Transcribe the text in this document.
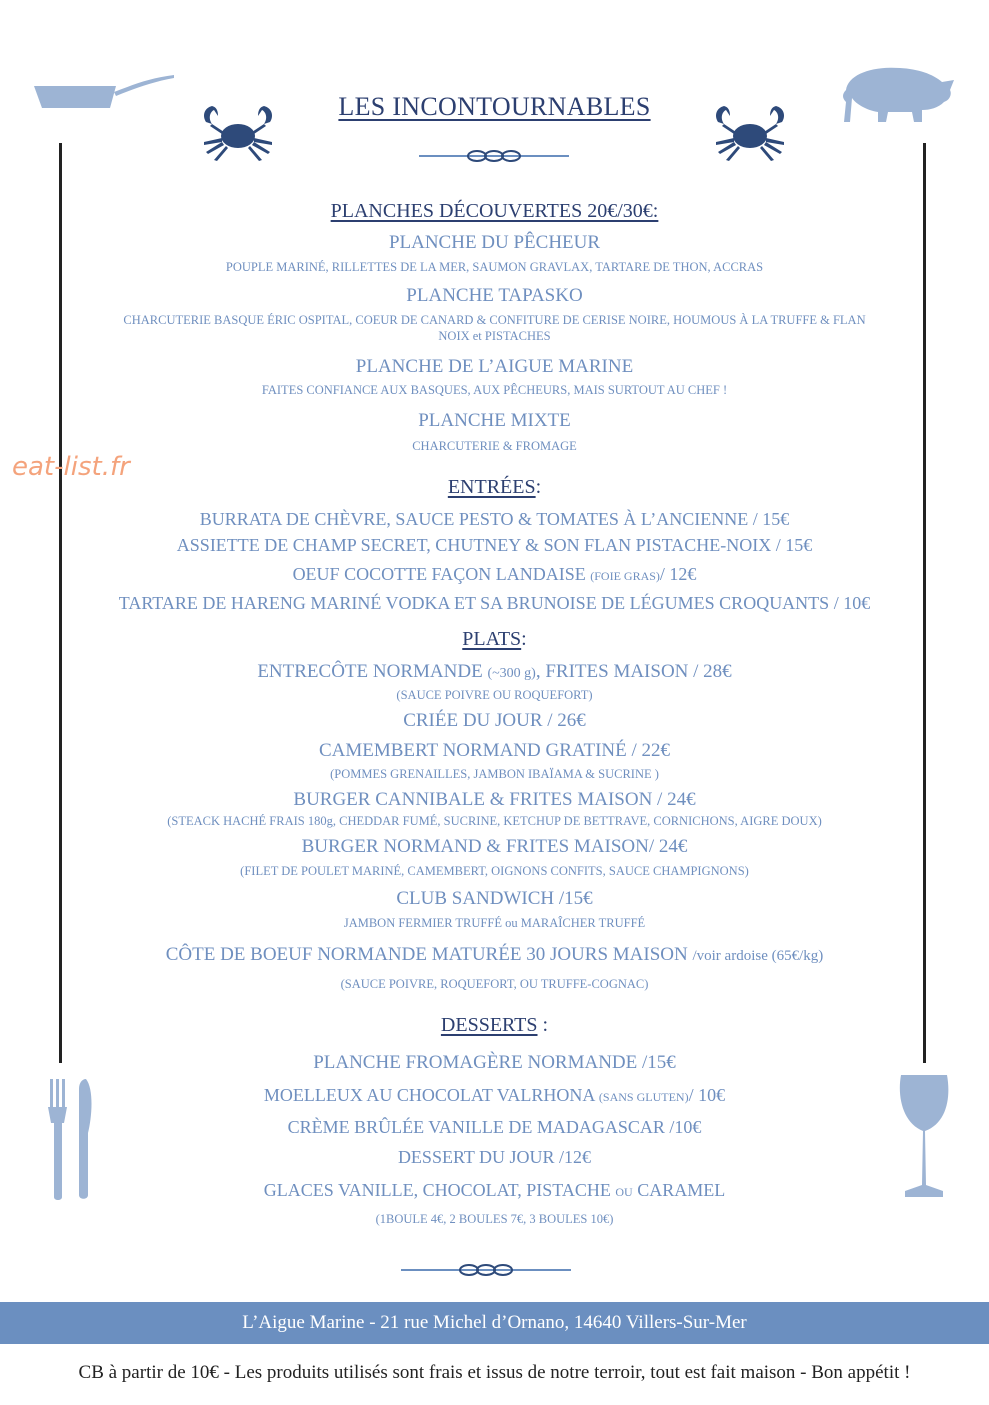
eat-list.fr
LES INCONTOURNABLES
PLANCHES DÉCOUVERTES 20€/30€:
PLANCHE DU PÊCHEUR
POUPLE MARINÉ, RILLETTES DE LA MER, SAUMON GRAVLAX, TARTARE DE THON, ACCRAS
PLANCHE TAPASKO
CHARCUTERIE BASQUE ÉRIC OSPITAL, COEUR DE CANARD & CONFITURE DE CERISE NOIRE, HOUMOUS À LA TRUFFE & FLAN
NOIX et PISTACHES
PLANCHE DE L’AIGUE MARINE
FAITES CONFIANCE AUX BASQUES, AUX PÊCHEURS, MAIS SURTOUT AU CHEF !
PLANCHE MIXTE
CHARCUTERIE & FROMAGE
ENTRÉES:
BURRATA DE CHÈVRE, SAUCE PESTO & TOMATES À L’ANCIENNE / 15€
ASSIETTE DE CHAMP SECRET, CHUTNEY & SON FLAN PISTACHE-NOIX / 15€
OEUF COCOTTE FAÇON LANDAISE (FOIE GRAS)/ 12€
TARTARE DE HARENG MARINÉ VODKA ET SA BRUNOISE DE LÉGUMES CROQUANTS / 10€
PLATS:
ENTRECÔTE NORMANDE (~300 g), FRITES MAISON / 28€
(SAUCE POIVRE OU ROQUEFORT)
CRIÉE DU JOUR / 26€
CAMEMBERT NORMAND GRATINÉ / 22€
(POMMES GRENAILLES, JAMBON IBAÏAMA & SUCRINE )
BURGER CANNIBALE & FRITES MAISON / 24€
(STEACK HACHÉ FRAIS 180g, CHEDDAR FUMÉ, SUCRINE, KETCHUP DE BETTRAVE, CORNICHONS, AIGRE DOUX)
BURGER NORMAND & FRITES MAISON/ 24€
(FILET DE POULET MARINÉ, CAMEMBERT, OIGNONS CONFITS, SAUCE CHAMPIGNONS)
CLUB SANDWICH /15€
JAMBON FERMIER TRUFFÉ ou MARAÎCHER TRUFFÉ
CÔTE DE BOEUF NORMANDE MATURÉE 30 JOURS MAISON /voir ardoise (65€/kg)
(SAUCE POIVRE, ROQUEFORT, OU TRUFFE-COGNAC)
DESSERTS :
PLANCHE FROMAGÈRE NORMANDE /15€
MOELLEUX AU CHOCOLAT VALRHONA (SANS GLUTEN)/ 10€
CRÈME BRÛLÉE VANILLE DE MADAGASCAR /10€
DESSERT DU JOUR /12€
GLACES VANILLE, CHOCOLAT, PISTACHE OU CARAMEL
(1BOULE 4€, 2 BOULES 7€, 3 BOULES 10€)
L’Aigue Marine - 21 rue Michel d’Ornano, 14640 Villers-Sur-Mer
CB à partir de 10€ - Les produits utilisés sont frais et issus de notre terroir, tout est fait maison - Bon appétit !
